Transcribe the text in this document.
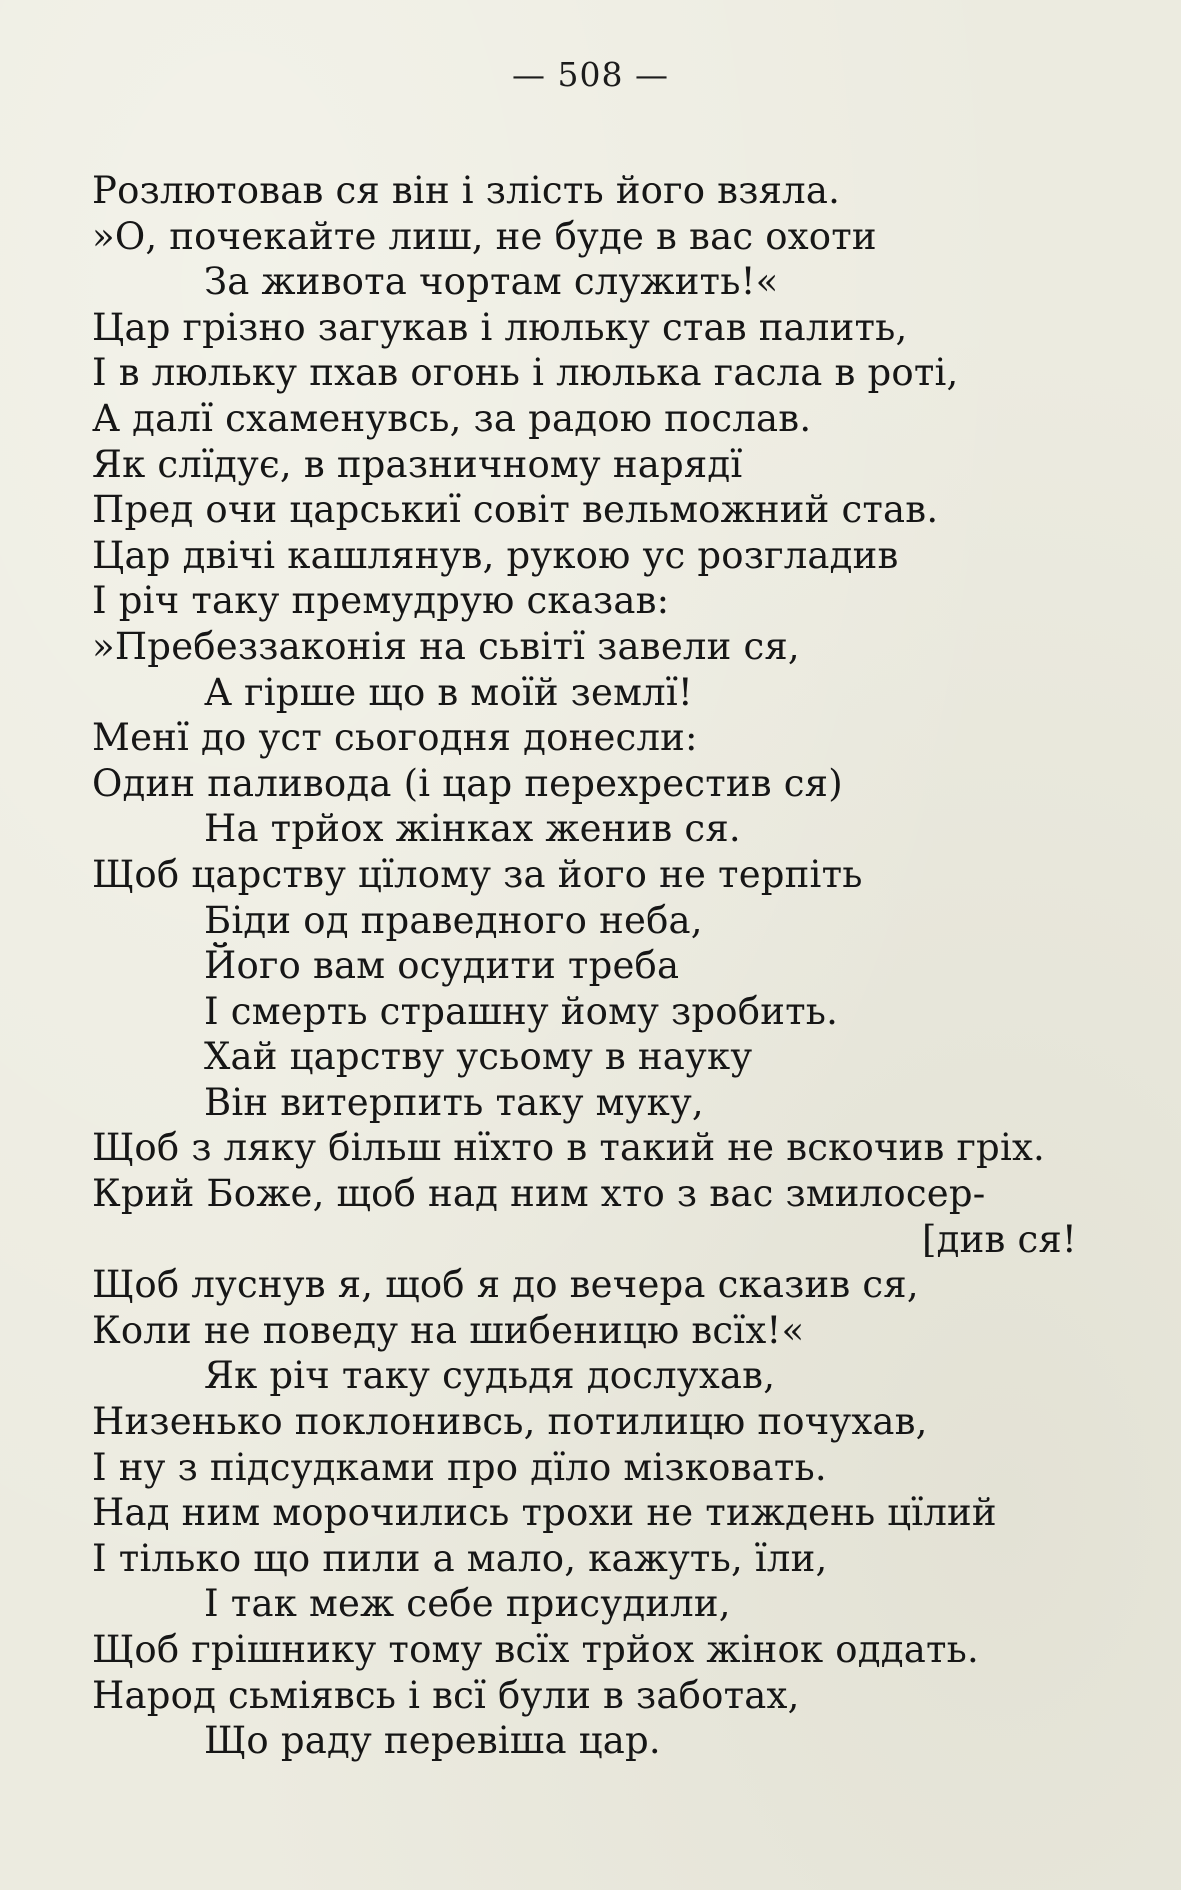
— 508 —
Розлютовав ся він і злість його взяла.
»О, почекайте лиш, не буде в вас охоти
За живота чортам служить!«
Цар грізно загукав і люльку став палить,
І в люльку пхав огонь і люлька гасла в роті,
А далї схаменувсь, за радою послав.
Як слїдує, в празничному нарядї
Пред очи царськиї совіт вельможний став.
Цар двічі кашлянув, рукою ус розгладив
І річ таку премудрую сказав:
»Пребеззаконія на сьвітї завели ся,
А гірше що в моїй землї!
Менї до уст сьогодня донесли:
Один паливода (і цар перехрестив ся)
На трйох жінках женив ся.
Щоб царству цїлому за його не терпіть
Біди од праведного неба,
Його вам осудити треба
І смерть страшну йому зробить.
Хай царству усьому в науку
Він витерпить таку муку,
Щоб з ляку більш нїхто в такий не вскочив гріх.
Крий Боже, щоб над ним хто з вас змилосер-
[див ся!
Щоб луснув я, щоб я до вечера сказив ся,
Коли не поведу на шибеницю всїх!«
Як річ таку судьдя дослухав,
Низенько поклонивсь, потилицю почухав,
І ну з підсудками про дїло мізковать.
Над ним морочились трохи не тиждень цїлий
І тілько що пили а мало, кажуть, їли,
І так меж себе присудили,
Щоб грішнику тому всїх трйох жінок оддать.
Народ сьміявсь і всї були в заботах,
Що раду перевіша цар.
